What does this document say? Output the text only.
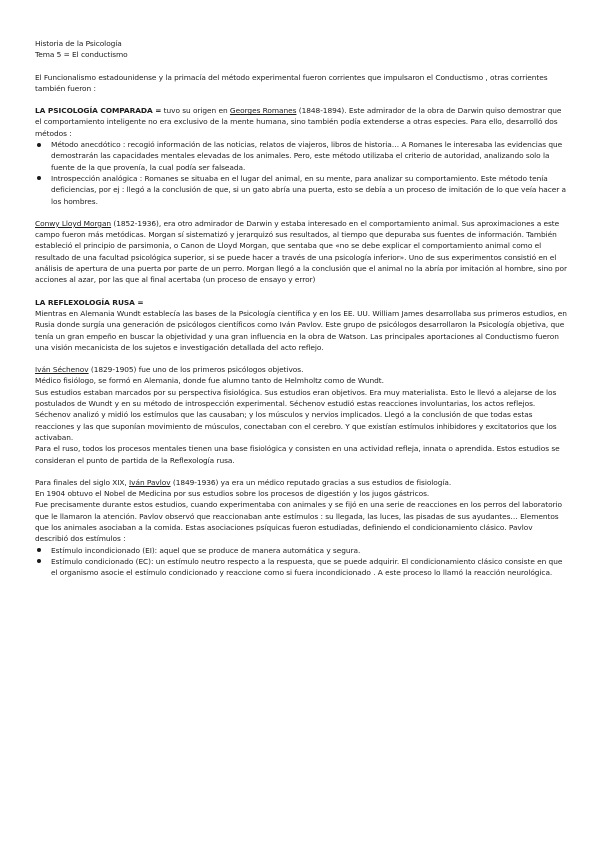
Historia de la Psicología

Tema 5 = El conductismo

El Funcionalismo estadounidense y la primacía del método experimental fueron corrientes que impulsaron el Conductismo , otras corrientes también fueron :

LA PSICOLOGÍA COMPARADA = tuvo su origen en Georges Romanes (1848-1894). Este admirador de la obra de Darwin quiso demostrar que el comportamiento inteligente no era exclusivo de la mente humana, sino también podía extenderse a otras especies. Para ello, desarrolló dos métodos :

Método anecdótico : recogió información de las noticias, relatos de viajeros, libros de historia… A Romanes le interesaba las evidencias que demostrarán las capacidades mentales elevadas de los animales. Pero, este método utilizaba el criterio de autoridad, analizando solo la fuente de la que provenía, la cual podía ser falseada.
Introspección analógica : Romanes se situaba en el lugar del animal, en su mente, para analizar su comportamiento. Este método tenía deficiencias, por ej : llegó a la conclusión de que, si un gato abría una puerta, esto se debía a un proceso de imitación de lo que veía hacer a los hombres.

Conwy Lloyd Morgan (1852-1936), era otro admirador de Darwin y estaba interesado en el comportamiento animal. Sus aproximaciones a este campo fueron más metódicas. Morgan sí sistematizó y jerarquizó sus resultados, al tiempo que depuraba sus fuentes de información. También estableció el principio de parsimonia, o Canon de Lloyd Morgan, que sentaba que «no se debe explicar el comportamiento animal como el resultado de una facultad psicológica superior, si se puede hacer a través de una psicología inferior». Uno de sus experimentos consistió en el análisis de apertura de una puerta por parte de un perro. Morgan llegó a la conclusión que el animal no la abría por imitación al hombre, sino por acciones al azar, por las que al final acertaba (un proceso de ensayo y error)

LA REFLEXOLOGÍA RUSA =

Mientras en Alemania Wundt establecía las bases de la Psicología científica y en los EE. UU. William James desarrollaba sus primeros estudios, en Rusia donde surgía una generación de psicólogos científicos como Iván Pavlov. Este grupo de psicólogos desarrollaron la Psicología objetiva, que tenía un gran empeño en buscar la objetividad y una gran influencia en la obra de Watson. Las principales aportaciones al Conductismo fueron una visión mecanicista de los sujetos e investigación detallada del acto reflejo.

Iván Séchenov (1829-1905) fue uno de los primeros psicólogos objetivos.

Médico fisiólogo, se formó en Alemania, donde fue alumno tanto de Helmholtz como de Wundt.

Sus estudios estaban marcados por su perspectiva fisiológica. Sus estudios eran objetivos. Era muy materialista. Esto le llevó a alejarse de los postulados de Wundt y en su método de introspección experimental. Séchenov estudió estas reacciones involuntarias, los actos reflejos. Séchenov analizó y midió los estímulos que las causaban; y los músculos y nervios implicados. Llegó a la conclusión de que todas estas reacciones y las que suponían movimiento de músculos, conectaban con el cerebro. Y que existían estímulos inhibidores y excitatorios que los activaban.

Para el ruso, todos los procesos mentales tienen una base fisiológica y consisten en una actividad refleja, innata o aprendida. Estos estudios se consideran el punto de partida de la Reflexología rusa.

Para finales del siglo XIX, Iván Pavlov (1849-1936) ya era un médico reputado gracias a sus estudios de fisiología.

En 1904 obtuvo el Nobel de Medicina por sus estudios sobre los procesos de digestión y los jugos gástricos.

Fue precisamente durante estos estudios, cuando experimentaba con animales y se fijó en una serie de reacciones en los perros del laboratorio que le llamaron la atención. Pavlov observó que reaccionaban ante estímulos : su llegada, las luces, las pisadas de sus ayudantes… Elementos que los animales asociaban a la comida. Estas asociaciones psíquicas fueron estudiadas, definiendo el condicionamiento clásico. Pavlov describió dos estímulos :

Estímulo incondicionado (EI): aquel que se produce de manera automática y segura.
Estímulo condicionado (EC): un estímulo neutro respecto a la respuesta, que se puede adquirir. El condicionamiento clásico consiste en que el organismo asocie el estímulo condicionado y reaccione como si fuera incondicionado . A este proceso lo llamó la reacción neurológica.
